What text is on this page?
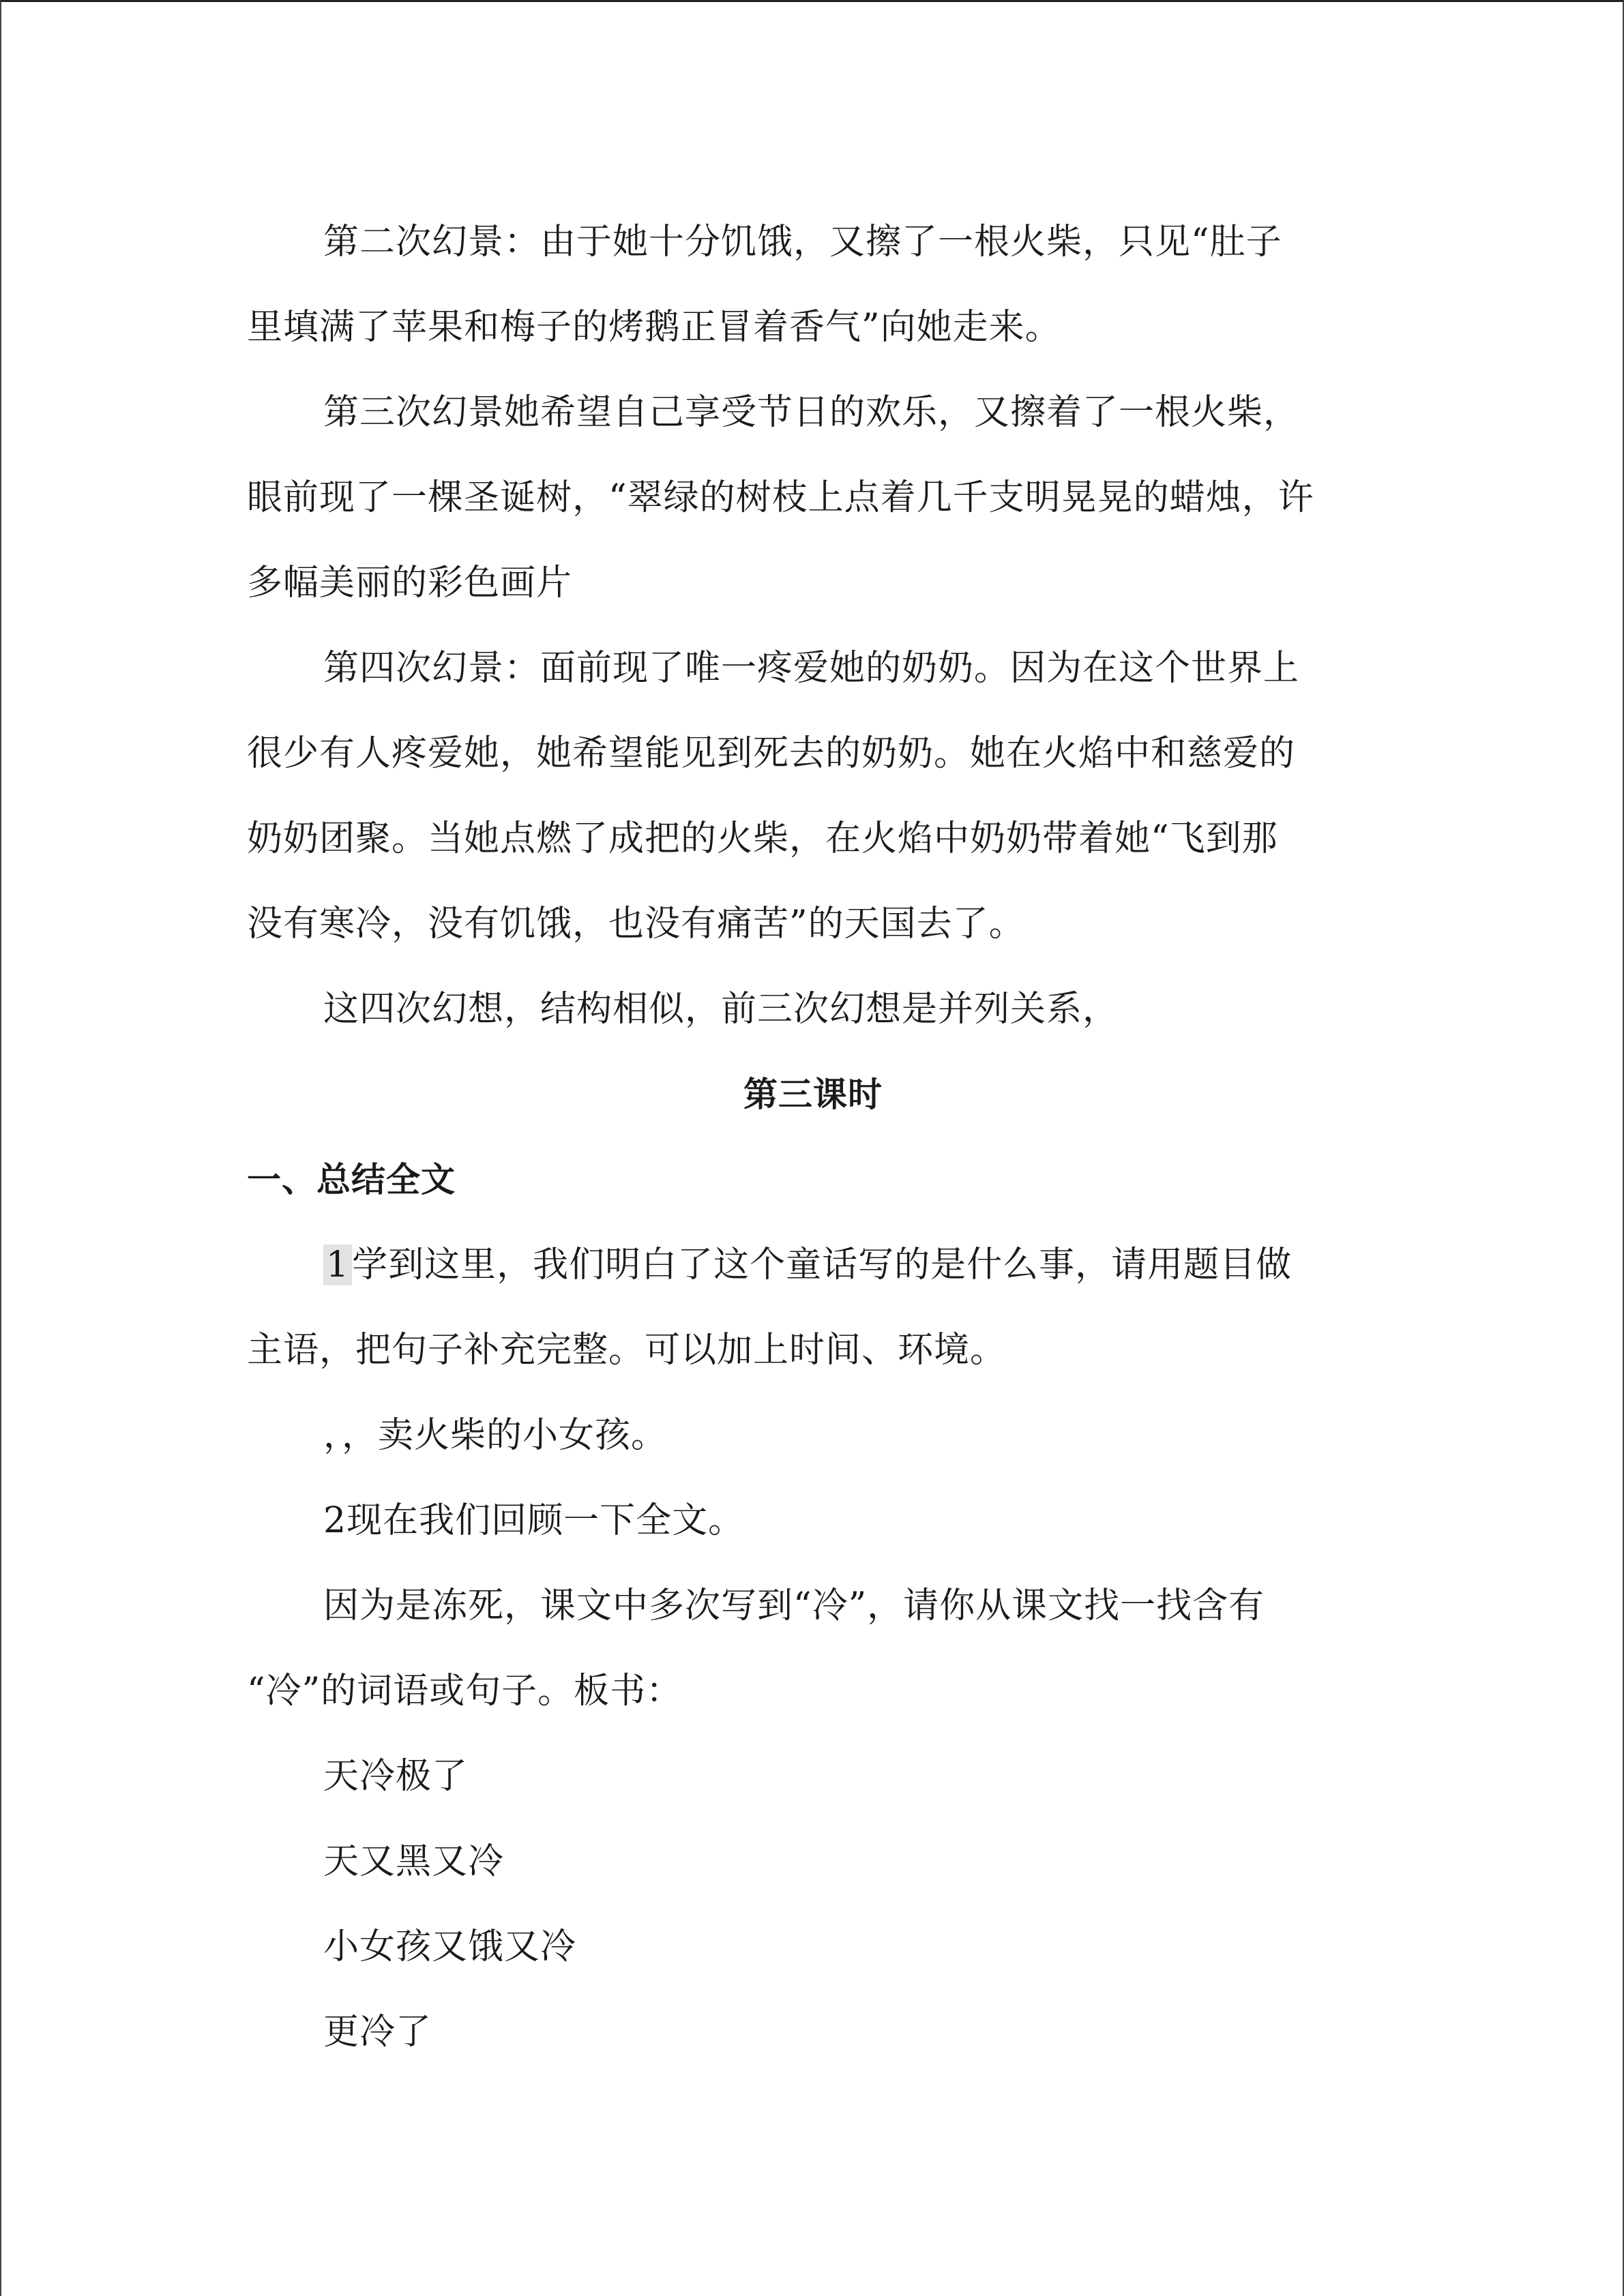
第二次幻景：由于她十分饥饿，又擦了一根火柴，只见“肚子
里填满了苹果和梅子的烤鹅正冒着香气”向她走来。
第三次幻景她希望自己享受节日的欢乐，又擦着了一根火柴，
眼前现了一棵圣诞树，“翠绿的树枝上点着几千支明晃晃的蜡烛，许
多幅美丽的彩色画片
第四次幻景：面前现了唯一疼爱她的奶奶。因为在这个世界上
很少有人疼爱她，她希望能见到死去的奶奶。她在火焰中和慈爱的
奶奶团聚。当她点燃了成把的火柴，在火焰中奶奶带着她“飞到那
没有寒冷，没有饥饿，也没有痛苦”的天国去了。
这四次幻想，结构相似，前三次幻想是并列关系，
第三课时
一、总结全文
1学到这里，我们明白了这个童话写的是什么事，请用题目做
主语，把句子补充完整。可以加上时间、环境。
，，卖火柴的小女孩。
2现在我们回顾一下全文。
因为是冻死，课文中多次写到“冷”，请你从课文找一找含有
“冷”的词语或句子。板书：
天冷极了
天又黑又冷
小女孩又饿又冷
更冷了
